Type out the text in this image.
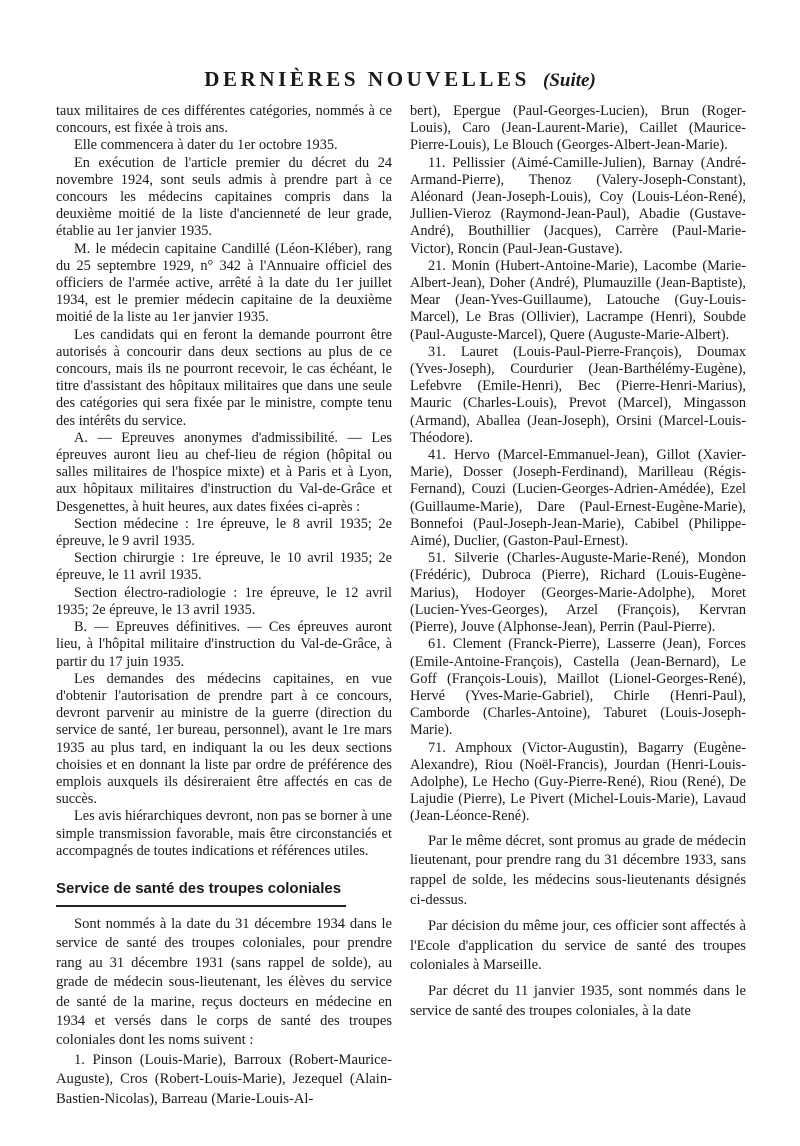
DERNIÈRES NOUVELLES (Suite)

taux militaires de ces différentes catégories, nommés à ce concours, est fixée à trois ans.

Elle commencera à dater du 1er octobre 1935.

En exécution de l'article premier du décret du 24 novembre 1924, sont seuls admis à prendre part à ce concours les médecins capitaines compris dans la deuxième moitié de la liste d'ancienneté de leur grade, établie au 1er janvier 1935.

M. le médecin capitaine Candillé (Léon-Kléber), rang du 25 septembre 1929, n° 342 à l'Annuaire officiel des officiers de l'armée active, arrêté à la date du 1er juillet 1934, est le premier médecin capitaine de la deuxième moitié de la liste au 1er janvier 1935.

Les candidats qui en feront la demande pourront être autorisés à concourir dans deux sections au plus de ce concours, mais ils ne pourront recevoir, le cas échéant, le titre d'assistant des hôpitaux militaires que dans une seule des catégories qui sera fixée par le ministre, compte tenu des intérêts du service.

A. — Epreuves anonymes d'admissibilité. — Les épreuves auront lieu au chef-lieu de région (hôpital ou salles militaires de l'hospice mixte) et à Paris et à Lyon, aux hôpitaux militaires d'instruction du Val-de-Grâce et Desgenettes, à huit heures, aux dates fixées ci-après :

Section médecine : 1re épreuve, le 8 avril 1935; 2e épreuve, le 9 avril 1935.

Section chirurgie : 1re épreuve, le 10 avril 1935; 2e épreuve, le 11 avril 1935.

Section électro-radiologie : 1re épreuve, le 12 avril 1935; 2e épreuve, le 13 avril 1935.

B. — Epreuves définitives. — Ces épreuves auront lieu, à l'hôpital militaire d'instruction du Val-de-Grâce, à partir du 17 juin 1935.

Les demandes des médecins capitaines, en vue d'obtenir l'autorisation de prendre part à ce concours, devront parvenir au ministre de la guerre (direction du service de santé, 1er bureau, personnel), avant le 1re mars 1935 au plus tard, en indiquant la ou les deux sections choisies et en donnant la liste par ordre de préférence des emplois auxquels ils désireraient être affectés en cas de succès.

Les avis hiérarchiques devront, non pas se borner à une simple transmission favorable, mais être circonstanciés et accompagnés de toutes indications et références utiles.

Service de santé des troupes coloniales

Sont nommés à la date du 31 décembre 1934 dans le service de santé des troupes coloniales, pour prendre rang au 31 décembre 1931 (sans rappel de solde), au grade de médecin sous-lieutenant, les élèves du service de santé de la marine, reçus docteurs en médecine en 1934 et versés dans le corps de santé des troupes coloniales dont les noms suivent :

1. Pinson (Louis-Marie), Barroux (Robert-Maurice-Auguste), Cros (Robert-Louis-Marie), Jezequel (Alain-Bastien-Nicolas), Barreau (Marie-Louis-Al-

bert), Epergue (Paul-Georges-Lucien), Brun (Roger-Louis), Caro (Jean-Laurent-Marie), Caillet (Maurice-Pierre-Louis), Le Blouch (Georges-Albert-Jean-Marie).

11. Pellissier (Aimé-Camille-Julien), Barnay (André-Armand-Pierre), Thenoz (Valery-Joseph-Constant), Aléonard (Jean-Joseph-Louis), Coy (Louis-Léon-René), Jullien-Vieroz (Raymond-Jean-Paul), Abadie (Gustave-André), Bouthillier (Jacques), Carrère (Paul-Marie-Victor), Roncin (Paul-Jean-Gustave).

21. Monin (Hubert-Antoine-Marie), Lacombe (Marie-Albert-Jean), Doher (André), Plumauzille (Jean-Baptiste), Mear (Jean-Yves-Guillaume), Latouche (Guy-Louis-Marcel), Le Bras (Ollivier), Lacrampe (Henri), Soubde (Paul-Auguste-Marcel), Quere (Auguste-Marie-Albert).

31. Lauret (Louis-Paul-Pierre-François), Doumax (Yves-Joseph), Courdurier (Jean-Barthélémy-Eugène), Lefebvre (Emile-Henri), Bec (Pierre-Henri-Marius), Mauric (Charles-Louis), Prevot (Marcel), Mingasson (Armand), Aballea (Jean-Joseph), Orsini (Marcel-Louis-Théodore).

41. Hervo (Marcel-Emmanuel-Jean), Gillot (Xavier-Marie), Dosser (Joseph-Ferdinand), Marilleau (Régis-Fernand), Couzi (Lucien-Georges-Adrien-Amédée), Ezel (Guillaume-Marie), Dare (Paul-Ernest-Eugène-Marie), Bonnefoi (Paul-Joseph-Jean-Marie), Cabibel (Philippe-Aimé), Duclier, (Gaston-Paul-Ernest).

51. Silverie (Charles-Auguste-Marie-René), Mondon (Frédéric), Dubroca (Pierre), Richard (Louis-Eugène-Marius), Hodoyer (Georges-Marie-Adolphe), Moret (Lucien-Yves-Georges), Arzel (François), Kervran (Pierre), Jouve (Alphonse-Jean), Perrin (Paul-Pierre).

61. Clement (Franck-Pierre), Lasserre (Jean), Forces (Emile-Antoine-François), Castella (Jean-Bernard), Le Goff (François-Louis), Maillot (Lionel-Georges-René), Hervé (Yves-Marie-Gabriel), Chirle (Henri-Paul), Camborde (Charles-Antoine), Taburet (Louis-Joseph-Marie).

71. Amphoux (Victor-Augustin), Bagarry (Eugène-Alexandre), Riou (Noël-Francis), Jourdan (Henri-Louis-Adolphe), Le Hecho (Guy-Pierre-René), Riou (René), De Lajudie (Pierre), Le Pivert (Michel-Louis-Marie), Lavaud (Jean-Léonce-René).

Par le même décret, sont promus au grade de médecin lieutenant, pour prendre rang du 31 décembre 1933, sans rappel de solde, les médecins sous-lieutenants désignés ci-dessus.

Par décision du même jour, ces officier sont affectés à l'Ecole d'application du service de santé des troupes coloniales à Marseille.

Par décret du 11 janvier 1935, sont nommés dans le service de santé des troupes coloniales, à la date
